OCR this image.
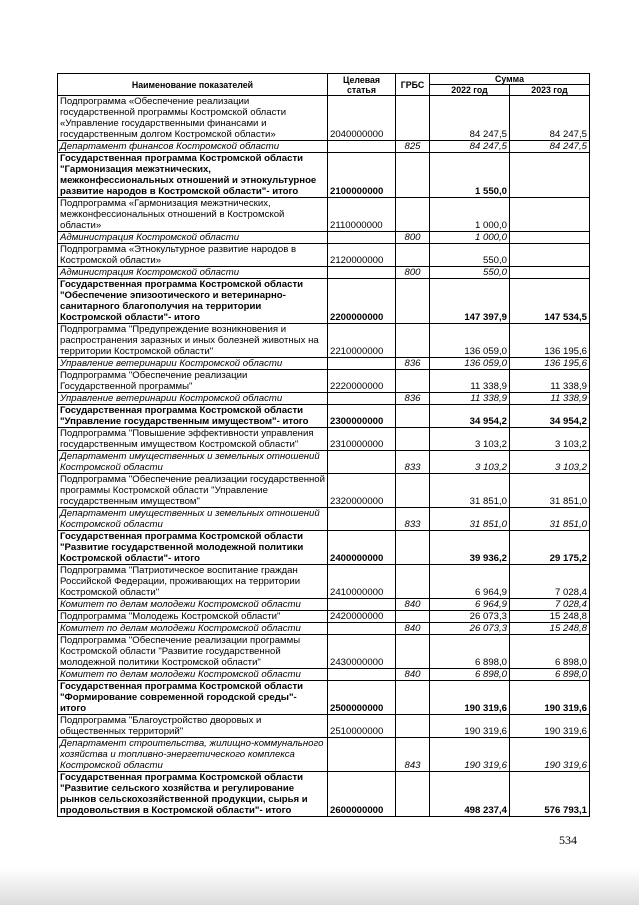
Наименование показателей	Целевая статья	ГРБС	Сумма	
			2022 год	2023 год
Подпрограмма «Обеспечение реализации государственной программы Костромской области «Управление государственными финансами и государственным долгом Костромской области»	2040000000		84 247,5	84 247,5
Департамент финансов Костромской области		825	84 247,5	84 247,5
Государственная программа Костромской области "Гармонизация межэтнических, межконфессиональных отношений и этнокультурное развитие народов в Костромской области"- итого	2100000000		1 550,0	
Подпрограмма «Гармонизация межэтнических, межконфессиональных отношений в Костромской области»	2110000000		1 000,0	
Администрация Костромской области		800	1 000,0	
Подпрограмма «Этнокультурное развитие народов в Костромской области»	2120000000		550,0	
Администрация Костромской области		800	550,0	
Государственная программа Костромской области "Обеспечение эпизоотического и ветеринарно-санитарного благополучия на территории Костромской области"- итого	2200000000		147 397,9	147 534,5
Подпрограмма "Предупреждение возникновения и распространения заразных и иных болезней животных на территории Костромской области"	2210000000		136 059,0	136 195,6
Управление ветеринарии Костромской области		836	136 059,0	136 195,6
Подпрограмма "Обеспечение реализации Государственной программы"	2220000000		11 338,9	11 338,9
Управление ветеринарии Костромской области		836	11 338,9	11 338,9
Государственная программа Костромской области "Управление государственным имуществом"- итого	2300000000		34 954,2	34 954,2
Подпрограмма "Повышение эффективности управления государственным имуществом Костромской области"	2310000000		3 103,2	3 103,2
Департамент имущественных и земельных отношений Костромской области		833	3 103,2	3 103,2
Подпрограмма "Обеспечение реализации государственной программы Костромской области "Управление государственным имуществом"	2320000000		31 851,0	31 851,0
Департамент имущественных и земельных отношений Костромской области		833	31 851,0	31 851,0
Государственная программа Костромской области "Развитие государственной молодежной политики Костромской области"- итого	2400000000		39 936,2	29 175,2
Подпрограмма "Патриотическое воспитание граждан Российской Федерации, проживающих на территории Костромской области"	2410000000		6 964,9	7 028,4
Комитет по делам молодежи Костромской области		840	6 964,9	7 028,4
Подпрограмма "Молодежь Костромской области"	2420000000		26 073,3	15 248,8
Комитет по делам молодежи Костромской области		840	26 073,3	15 248,8
Подпрограмма "Обеспечение реализации программы Костромской области "Развитие государственной молодежной политики Костромской области"	2430000000		6 898,0	6 898,0
Комитет по делам молодежи Костромской области		840	6 898,0	6 898,0
Государственная программа Костромской области "Формирование современной городской среды"- итого	2500000000		190 319,6	190 319,6
Подпрограмма "Благоустройство дворовых и общественных территорий"	2510000000		190 319,6	190 319,6
Департамент строительства, жилищно-коммунального хозяйства и топливно-энергетического комплекса Костромской области		843	190 319,6	190 319,6
Государственная программа Костромской области "Развитие сельского хозяйства и регулирование рынков сельскохозяйственной продукции, сырья и продовольствия в Костромской области"- итого	2600000000		498 237,4	576 793,1
534
